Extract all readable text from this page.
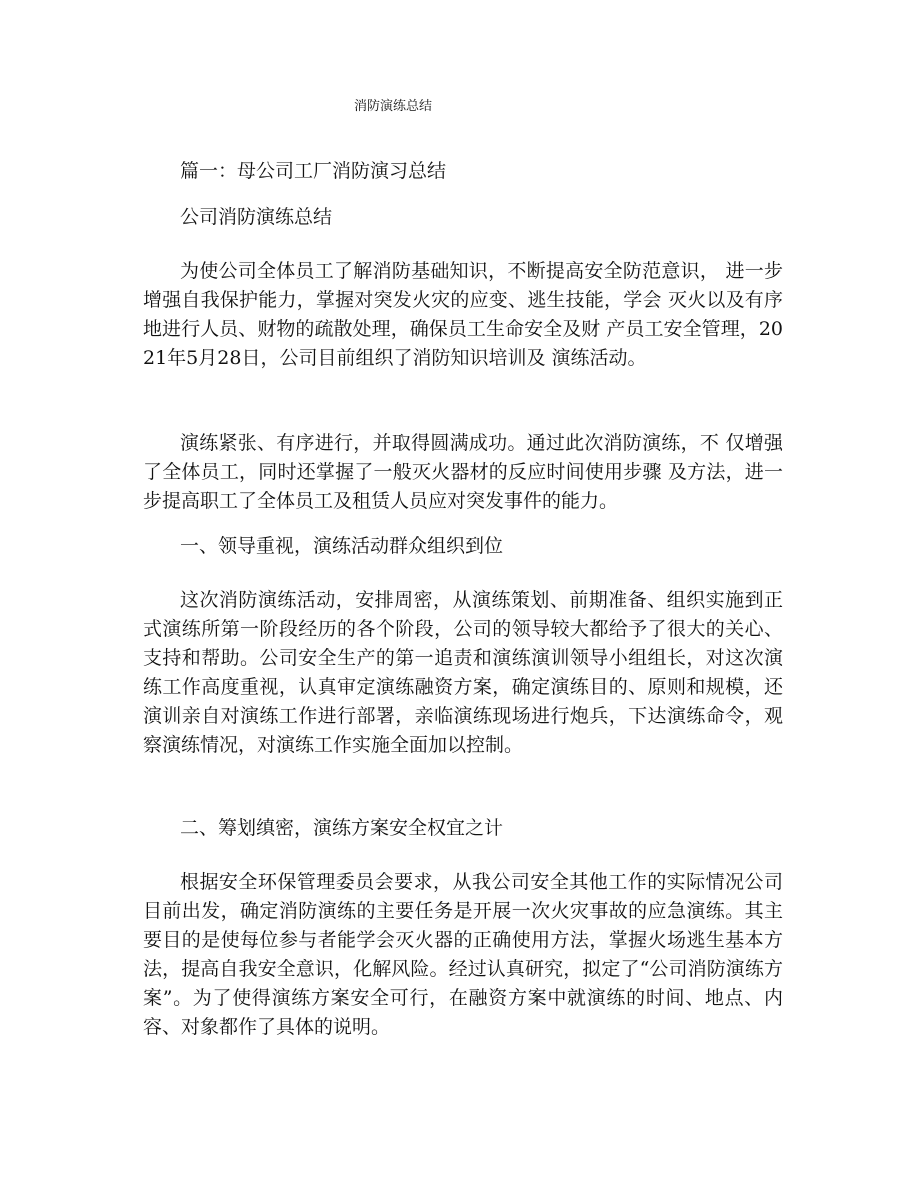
消防演练总结
篇一：母公司工厂消防演习总结
公司消防演练总结

为使公司全体员工了解消防基础知识，不断提高安全防范意识， 进一步增强自我保护能力，掌握对突发火灾的应变、逃生技能，学会 灭火以及有序地进行人员、财物的疏散处理，确保员工生命安全及财 产员工安全管理，2021年5月28日，公司目前组织了消防知识培训及 演练活动。

演练紧张、有序进行，并取得圆满成功。通过此次消防演练，不 仅增强了全体员工，同时还掌握了一般灭火器材的反应时间使用步骤 及方法，进一步提高职工了全体员工及租赁人员应对突发事件的能力。

一、领导重视，演练活动群众组织到位

这次消防演练活动，安排周密，从演练策划、前期准备、组织实施到正式演练所第一阶段经历的各个阶段，公司的领导较大都给予了很大的关心、支持和帮助。公司安全生产的第一追责和演练演训领导小组组长，对这次演练工作高度重视，认真审定演练融资方案，确定演练目的、原则和规模，还演训亲自对演练工作进行部署，亲临演练现场进行炮兵，下达演练命令，观察演练情况，对演练工作实施全面加以控制。

二、筹划缜密，演练方案安全权宜之计

根据安全环保管理委员会要求，从我公司安全其他工作的实际情况公司目前出发，确定消防演练的主要任务是开展一次火灾事故的应急演练。其主要目的是使每位参与者能学会灭火器的正确使用方法，掌握火场逃生基本方法，提高自我安全意识，化解风险。经过认真研究，拟定了“公司消防演练方案”。为了使得演练方案安全可行，在融资方案中就演练的时间、地点、内容、对象都作了具体的说明。
